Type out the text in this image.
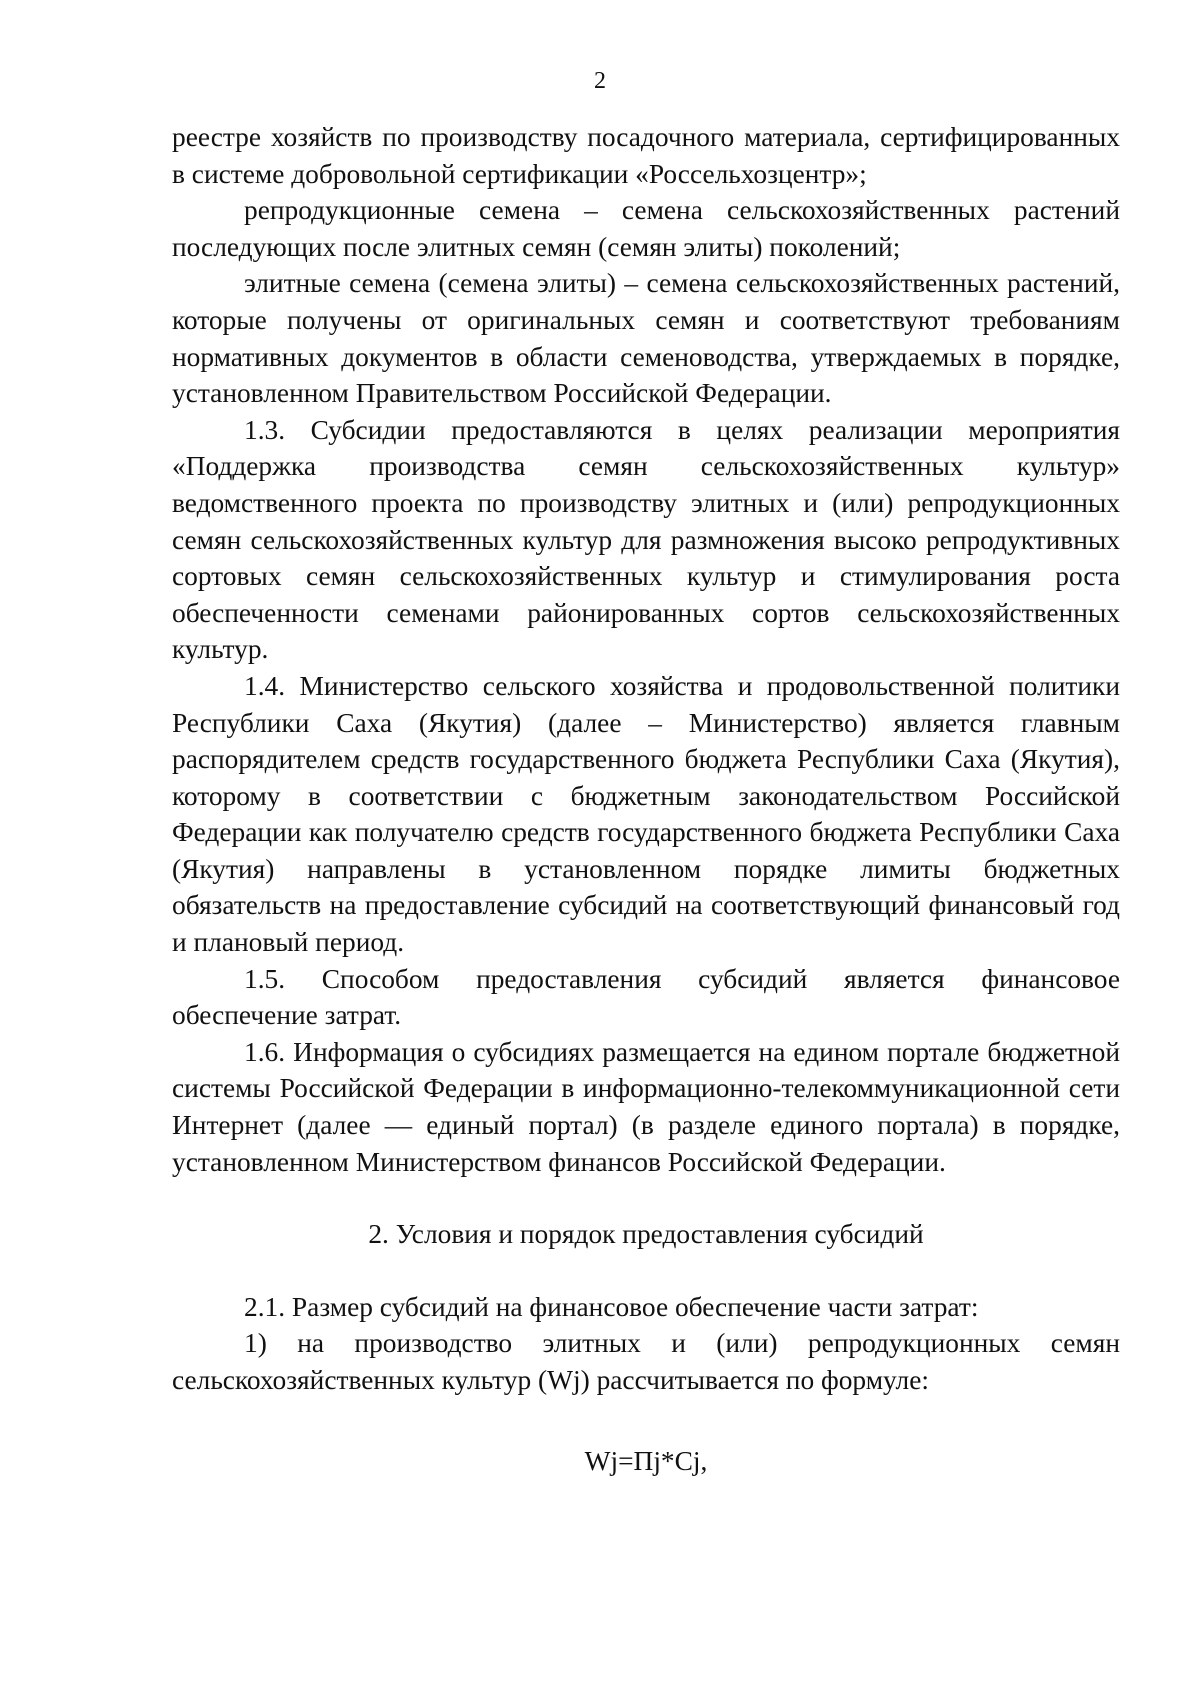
2

реестре хозяйств по производству посадочного материала, сертифицированных в системе добровольной сертификации «Россельхозцентр»;

репродукционные семена – семена сельскохозяйственных растений последующих после элитных семян (семян элиты) поколений;

элитные семена (семена элиты) – семена сельскохозяйственных растений, которые получены от оригинальных семян и соответствуют требованиям нормативных документов в области семеноводства, утверждаемых в порядке, установленном Правительством Российской Федерации.

1.3. Субсидии предоставляются в целях реализации мероприятия «Поддержка производства семян сельскохозяйственных культур» ведомственного проекта по производству элитных и (или) репродукционных семян сельскохозяйственных культур для размножения высоко репродуктивных сортовых семян сельскохозяйственных культур и стимулирования роста обеспеченности семенами районированных сортов сельскохозяйственных культур.

1.4. Министерство сельского хозяйства и продовольственной политики Республики Саха (Якутия) (далее – Министерство) является главным распорядителем средств государственного бюджета Республики Саха (Якутия), которому в соответствии с бюджетным законодательством Российской Федерации как получателю средств государственного бюджета Республики Саха (Якутия) направлены в установленном порядке лимиты бюджетных обязательств на предоставление субсидий на соответствующий финансовый год и плановый период.

1.5. Способом предоставления субсидий является финансовое обеспечение затрат.

1.6. Информация о субсидиях размещается на едином портале бюджетной системы Российской Федерации в информационно-телекоммуникационной сети Интернет (далее — единый портал) (в разделе единого портала) в порядке, установленном Министерством финансов Российской Федерации.

2. Условия и порядок предоставления субсидий

2.1. Размер субсидий на финансовое обеспечение части затрат:

1) на производство элитных и (или) репродукционных семян сельскохозяйственных культур (Wj) рассчитывается по формуле:

Wj=Пj*Cj,
